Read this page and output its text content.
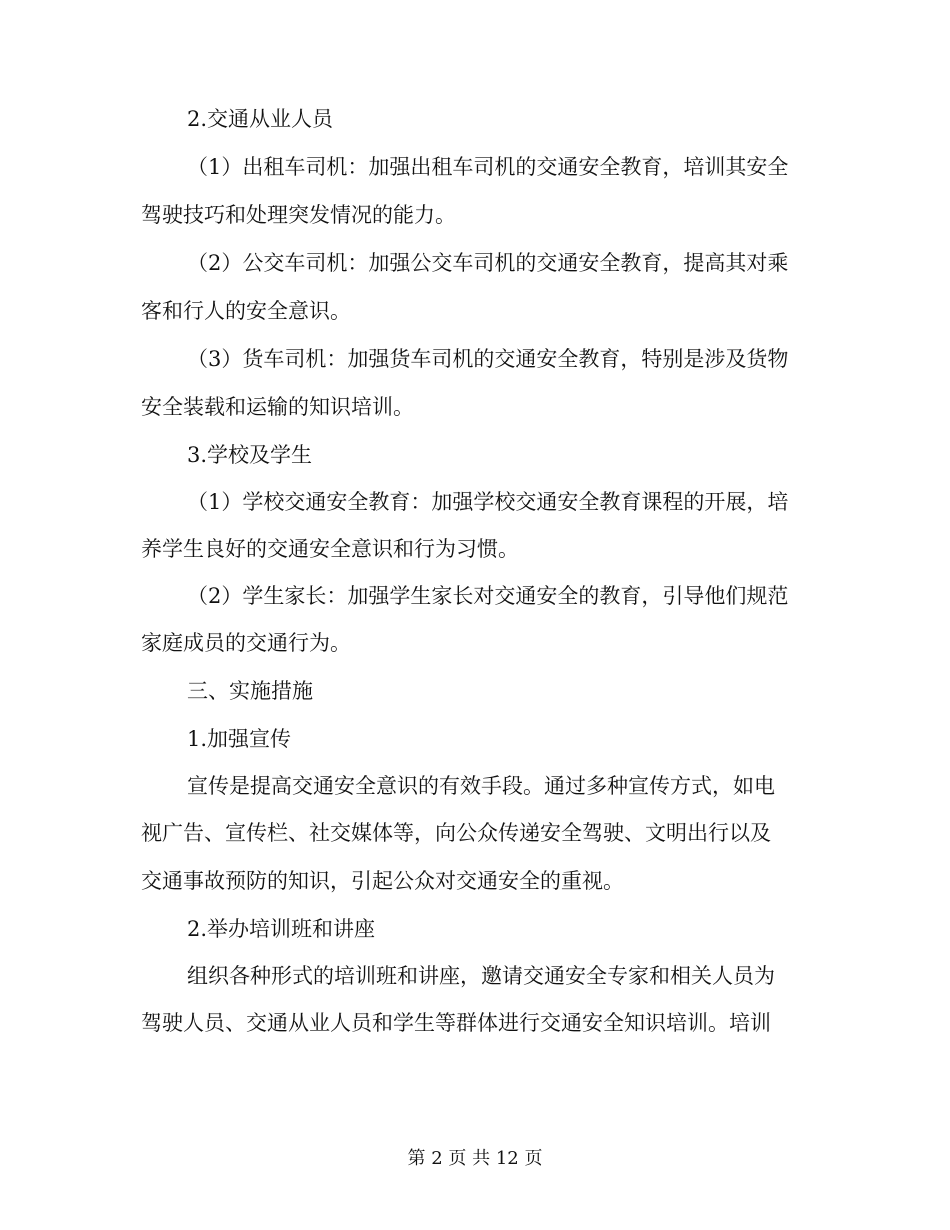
2.交通从业人员
（1）出租车司机：加强出租车司机的交通安全教育，培训其安全
驾驶技巧和处理突发情况的能力。
（2）公交车司机：加强公交车司机的交通安全教育，提高其对乘
客和行人的安全意识。
（3）货车司机：加强货车司机的交通安全教育，特别是涉及货物
安全装载和运输的知识培训。
3.学校及学生
（1）学校交通安全教育：加强学校交通安全教育课程的开展，培
养学生良好的交通安全意识和行为习惯。
（2）学生家长：加强学生家长对交通安全的教育，引导他们规范
家庭成员的交通行为。
三、实施措施
1.加强宣传
宣传是提高交通安全意识的有效手段。通过多种宣传方式，如电
视广告、宣传栏、社交媒体等，向公众传递安全驾驶、文明出行以及
交通事故预防的知识，引起公众对交通安全的重视。
2.举办培训班和讲座
组织各种形式的培训班和讲座，邀请交通安全专家和相关人员为
驾驶人员、交通从业人员和学生等群体进行交通安全知识培训。培训
第 2 页 共 12 页
